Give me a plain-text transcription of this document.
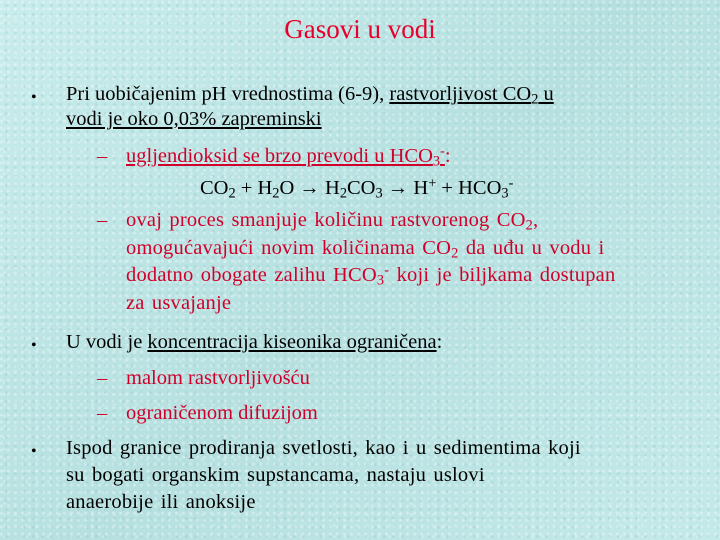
Gasovi u vodi
• Pri uobičajenim pH vrednostima (6-9), rastvorljivost $CO_2$ u
vodi je oko 0,03% zapreminski
– ugljendioksid se brzo prevodi u $HCO_3^-$:
$CO_2 + H_2O \to H_2CO_3 \to H^+ + HCO_3^-$
– ovaj proces smanjuje količinu rastvorenog $CO_2$,
omogućavajući novim količinama $CO_2$ da uđu u vodu i
dodatno obogate zalihu $HCO_3^-$ koji je biljkama dostupan
za usvajanje
• U vodi je koncentracija kiseonika ograničena:
– malom rastvorljivošću
– ograničenom difuzijom
• Ispod granice prodiranja svetlosti, kao i u sedimentima koji
su bogati organskim supstancama, nastaju uslovi
anaerobije ili anoksije
